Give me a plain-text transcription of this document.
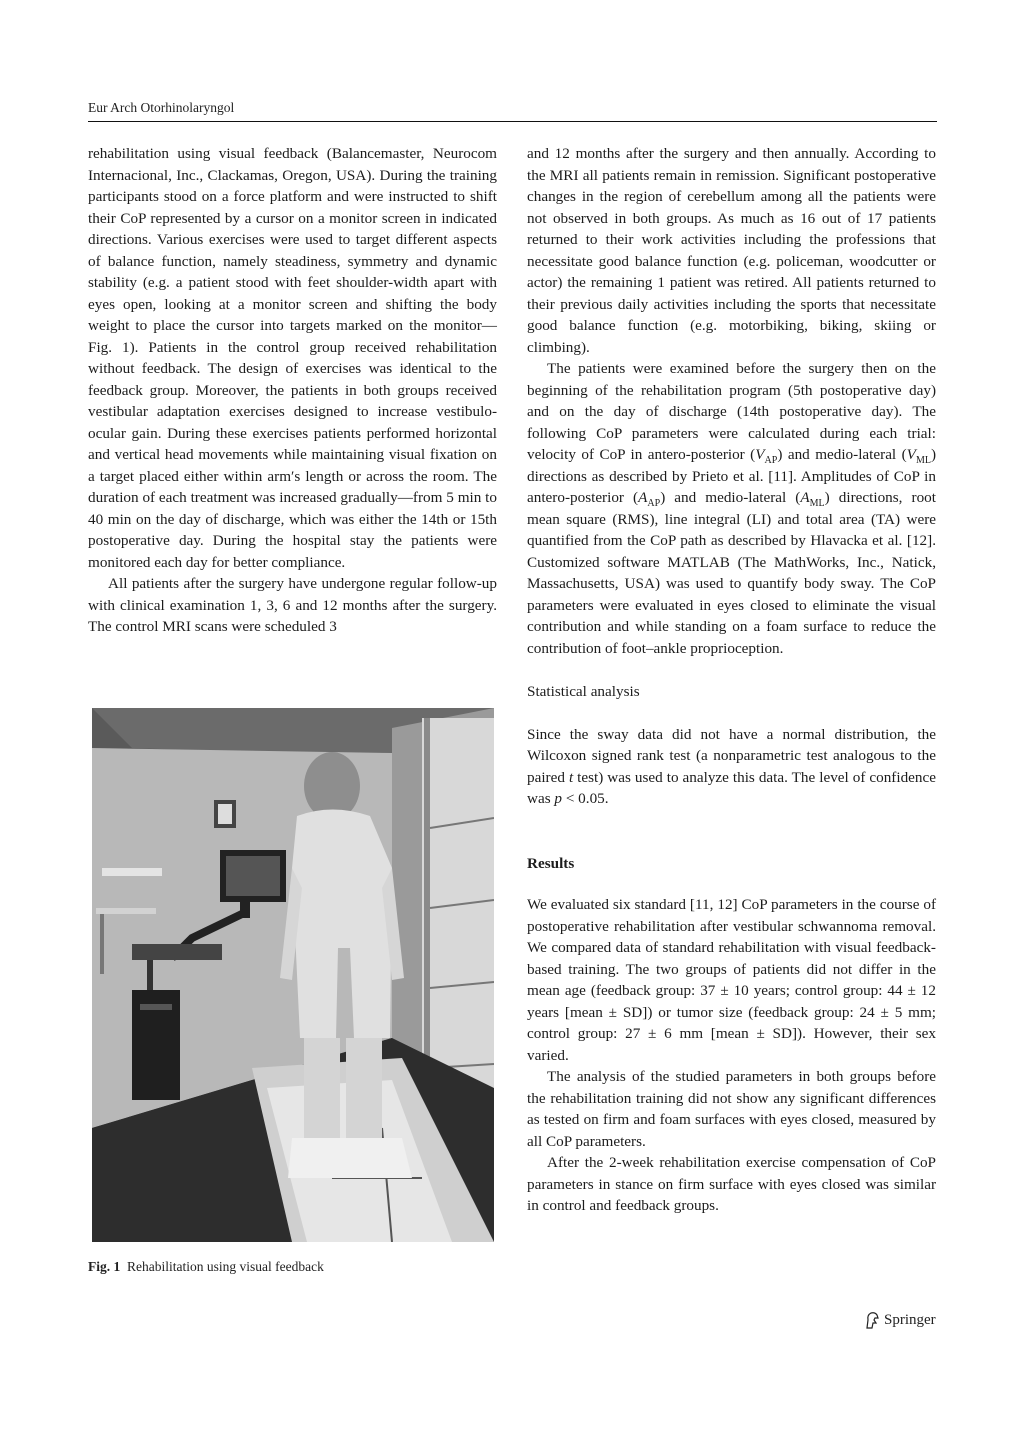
Eur Arch Otorhinolaryngol

rehabilitation using visual feedback (Balancemaster, Neurocom Internacional, Inc., Clackamas, Oregon, USA). During the training participants stood on a force platform and were instructed to shift their CoP represented by a cursor on a monitor screen in indicated directions. Various exercises were used to target different aspects of balance function, namely steadiness, symmetry and dynamic stability (e.g. a patient stood with feet shoulder-width apart with eyes open, looking at a monitor screen and shifting the body weight to place the cursor into targets marked on the monitor—Fig. 1). Patients in the control group received rehabilitation without feedback. The design of exercises was identical to the feedback group. Moreover, the patients in both groups received vestibular adaptation exercises designed to increase vestibulo-ocular gain. During these exercises patients performed horizontal and vertical head movements while maintaining visual fixation on a target placed either within arm′s length or across the room. The duration of each treatment was increased gradually—from 5 min to 40 min on the day of discharge, which was either the 14th or 15th postoperative day. During the hospital stay the patients were monitored each day for better compliance.

All patients after the surgery have undergone regular follow-up with clinical examination 1, 3, 6 and 12 months after the surgery. The control MRI scans were scheduled 3

Fig. 1 Rehabilitation using visual feedback

and 12 months after the surgery and then annually. According to the MRI all patients remain in remission. Significant postoperative changes in the region of cerebellum among all the patients were not observed in both groups. As much as 16 out of 17 patients returned to their work activities including the professions that necessitate good balance function (e.g. policeman, woodcutter or actor) the remaining 1 patient was retired. All patients returned to their previous daily activities including the sports that necessitate good balance function (e.g. motorbiking, biking, skiing or climbing).

The patients were examined before the surgery then on the beginning of the rehabilitation program (5th postoperative day) and on the day of discharge (14th postoperative day). The following CoP parameters were calculated during each trial: velocity of CoP in antero-posterior $(V_{AP})$ and medio-lateral $(V_{ML})$ directions as described by Prieto et al. [11]. Amplitudes of CoP in antero-posterior $(A_{AP})$ and medio-lateral $(A_{ML})$ directions, root mean square (RMS), line integral (LI) and total area (TA) were quantified from the CoP path as described by Hlavacka et al. [12]. Customized software MATLAB (The MathWorks, Inc., Natick, Massachusetts, USA) was used to quantify body sway. The CoP parameters were evaluated in eyes closed to eliminate the visual contribution and while standing on a foam surface to reduce the contribution of foot–ankle proprioception.

Statistical analysis

Since the sway data did not have a normal distribution, the Wilcoxon signed rank test (a nonparametric test analogous to the paired t test) was used to analyze this data. The level of confidence was p < 0.05.

Results

We evaluated six standard [11, 12] CoP parameters in the course of postoperative rehabilitation after vestibular schwannoma removal. We compared data of standard rehabilitation with visual feedback-based training. The two groups of patients did not differ in the mean age (feedback group: 37 ± 10 years; control group: 44 ± 12 years [mean ± SD]) or tumor size (feedback group: 24 ± 5 mm; control group: 27 ± 6 mm [mean ± SD]). However, their sex varied.

The analysis of the studied parameters in both groups before the rehabilitation training did not show any significant differences as tested on firm and foam surfaces with eyes closed, measured by all CoP parameters.

After the 2-week rehabilitation exercise compensation of CoP parameters in stance on firm surface with eyes closed was similar in control and feedback groups.

Springer
